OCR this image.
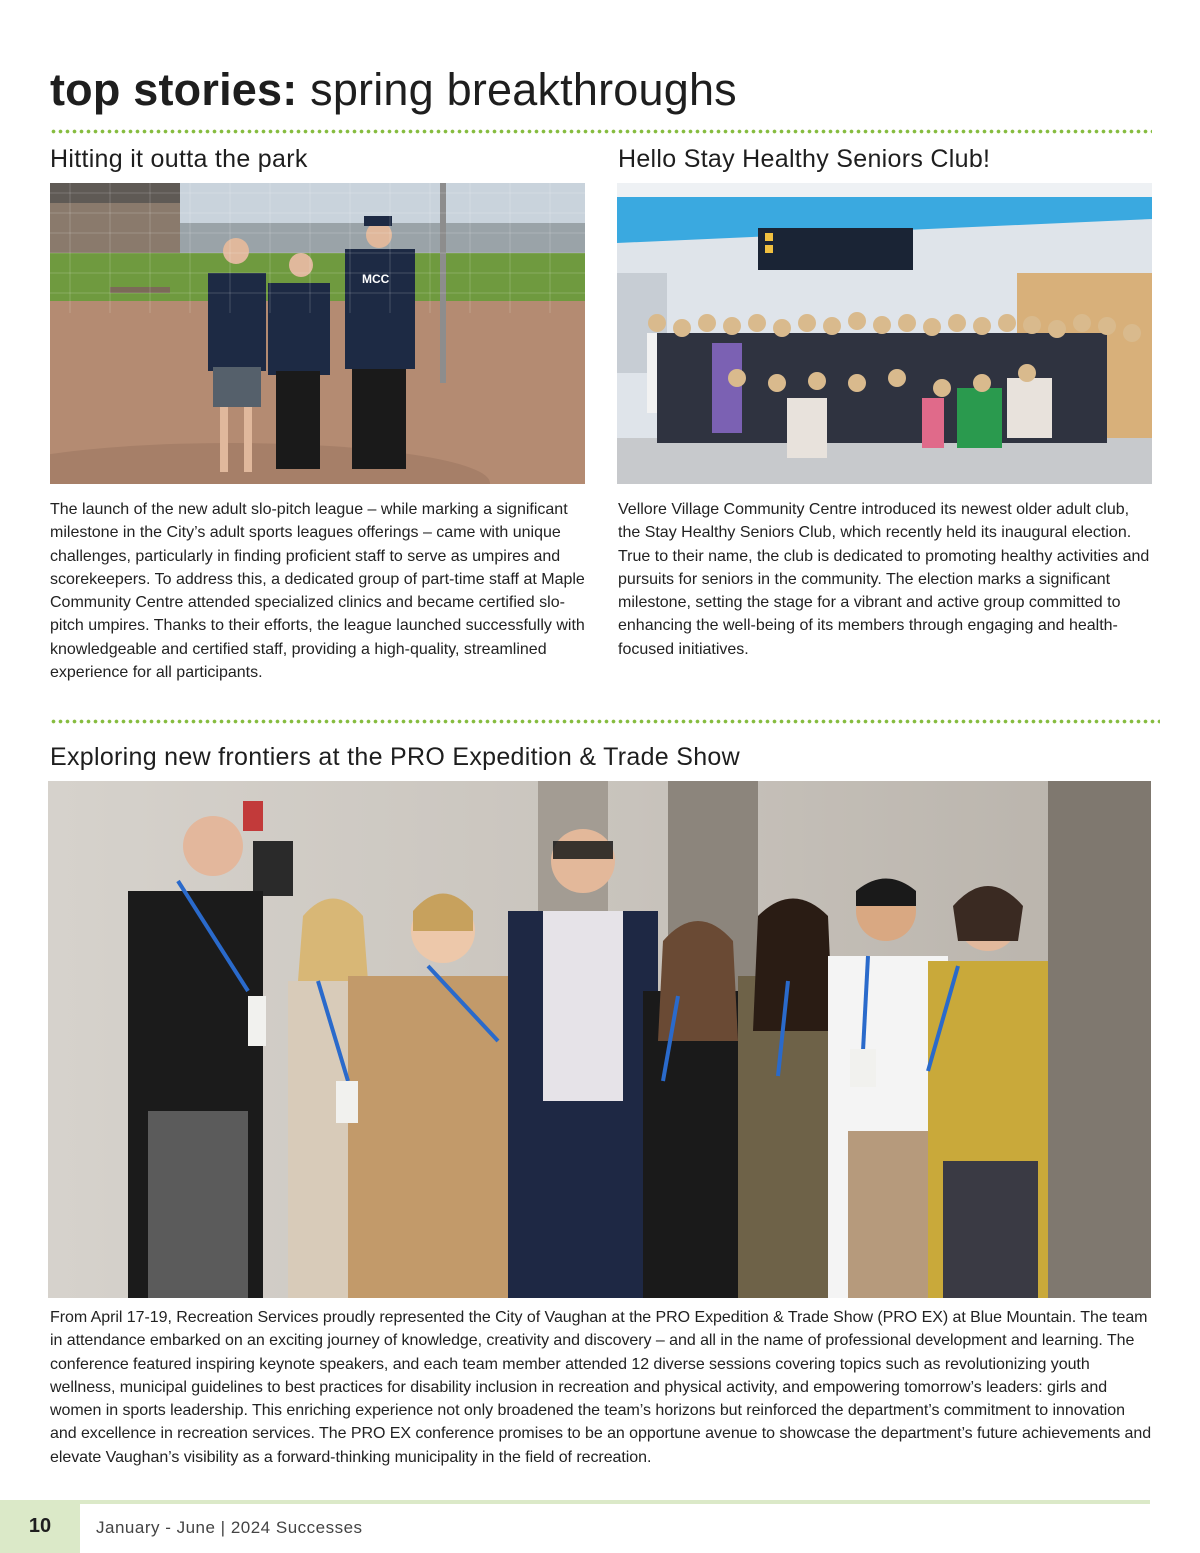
top stories: spring breakthroughs
Hitting it outta the park
MCC

The launch of the new adult slo-pitch league – while marking a significant milestone in the City’s adult sports leagues offerings – came with unique challenges, particularly in finding proficient staff to serve as umpires and scorekeepers. To address this, a dedicated group of part-time staff at Maple Community Centre attended specialized clinics and became certified slo-pitch umpires. Thanks to their efforts, the league launched successfully with knowledgeable and certified staff, providing a high-quality, streamlined experience for all participants.

Hello Stay Healthy Seniors Club!

Vellore Village Community Centre introduced its newest older adult club, the Stay Healthy Seniors Club, which recently held its inaugural election. True to their name, the club is dedicated to promoting healthy activities and pursuits for seniors in the community. The election marks a significant milestone, setting the stage for a vibrant and active group committed to enhancing the well-being of its members through engaging and health-focused initiatives.

Exploring new frontiers at the PRO Expedition & Trade Show

From April 17-19, Recreation Services proudly represented the City of Vaughan at the PRO Expedition & Trade Show (PRO EX) at Blue Mountain. The team in attendance embarked on an exciting journey of knowledge, creativity and discovery – and all in the name of professional development and learning. The conference featured inspiring keynote speakers, and each team member attended 12 diverse sessions covering topics such as revolutionizing youth wellness, municipal guidelines to best practices for disability inclusion in recreation and physical activity, and empowering tomorrow’s leaders: girls and women in sports leadership. This enriching experience not only broadened the team’s horizons but reinforced the department’s commitment to innovation and excellence in recreation services. The PRO EX conference promises to be an opportune avenue to showcase the department’s future achievements and elevate Vaughan’s visibility as a forward-thinking municipality in the field of recreation.

10	January - June | 2024 Successes
